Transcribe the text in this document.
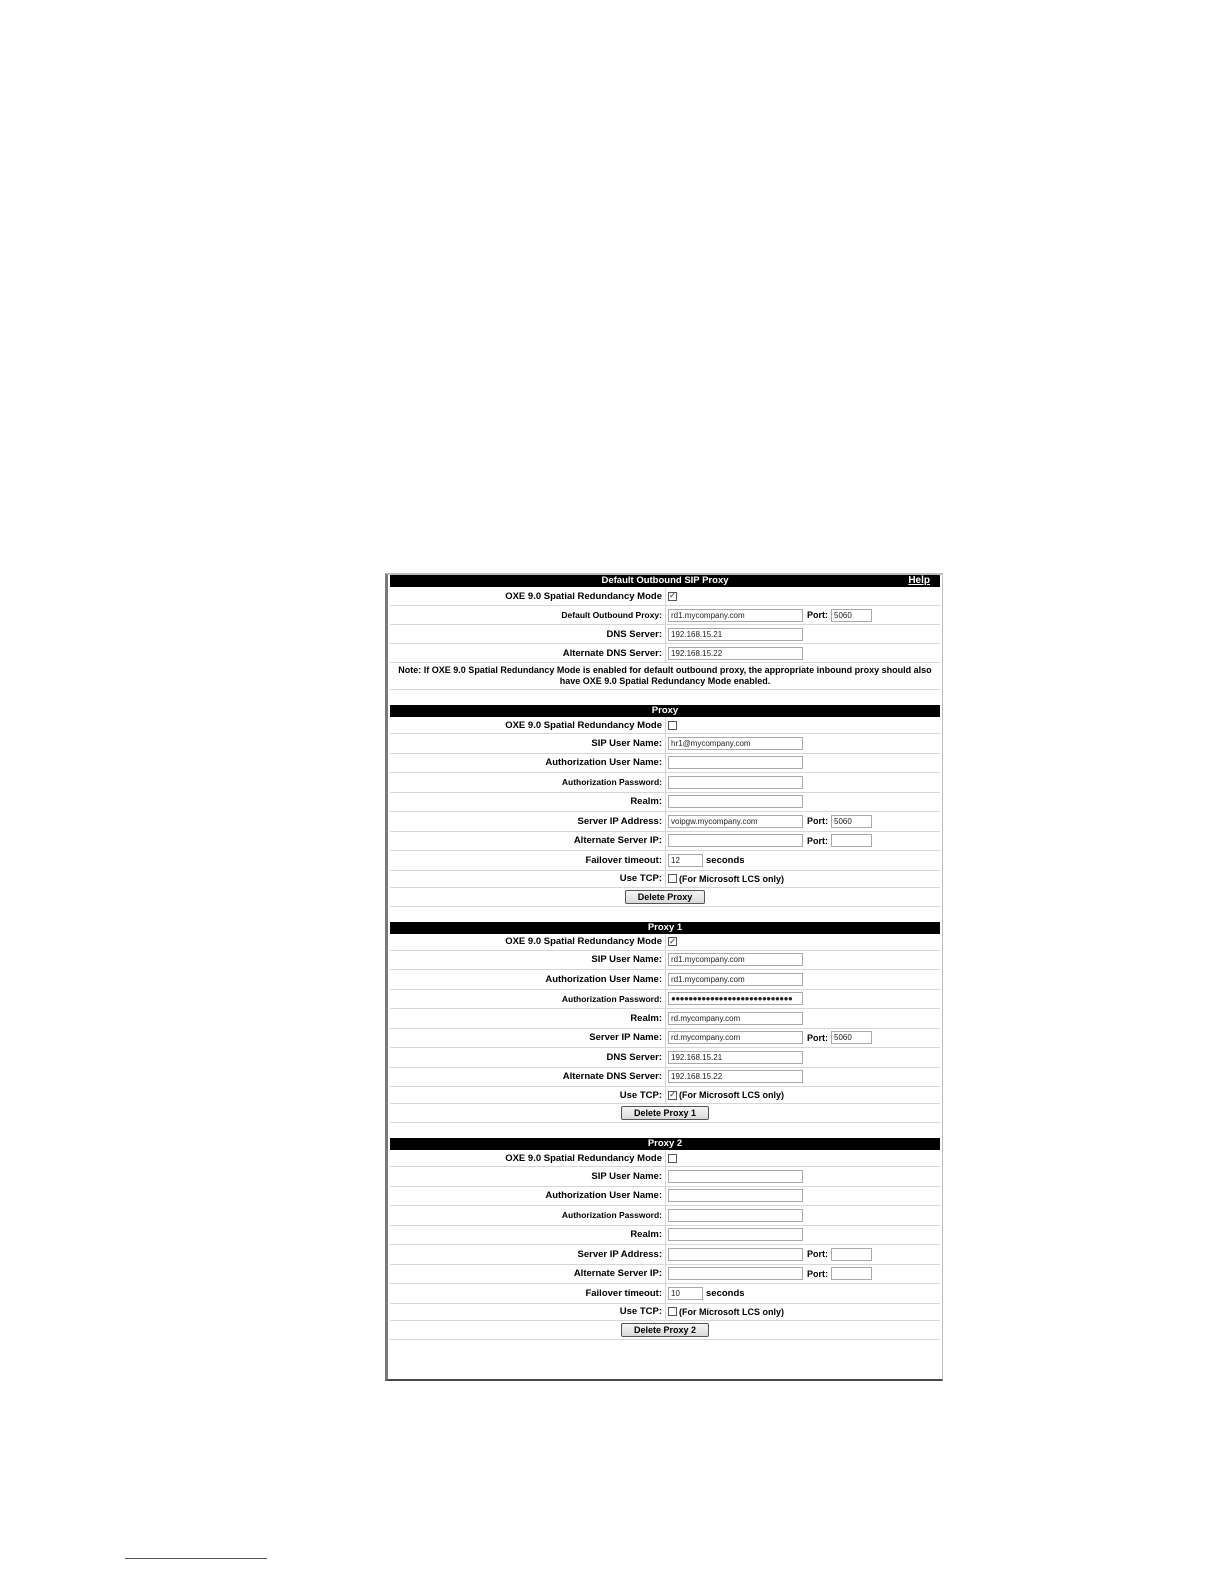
Default Outbound SIP Proxy	Help
OXE 9.0 Spatial Redundancy Mode ✓
Default Outbound Proxy:	rd1.mycompany.com	Port: 5060
DNS Server:	192.168.15.21
Alternate DNS Server:	192.168.15.22
Note: If OXE 9.0 Spatial Redundancy Mode is enabled for default outbound proxy, the appropriate inbound proxy should also have OXE 9.0 Spatial Redundancy Mode enabled.
Proxy
OXE 9.0 Spatial Redundancy Mode
SIP User Name:	hr1@mycompany.com
Authorization User Name:
Authorization Password:
Realm:
Server IP Address:	voipgw.mycompany.com	Port: 5060
Alternate Server IP:	Port:
Failover timeout:	12	seconds
Use TCP:	(For Microsoft LCS only)
Delete Proxy
Proxy 1
OXE 9.0 Spatial Redundancy Mode ✓
SIP User Name:	rd1.mycompany.com
Authorization User Name:	rd1.mycompany.com
Authorization Password:	●●●●●●●●●●●●●●●●●●●●●●●●●●●●
Realm:	rd.mycompany.com
Server IP Name:	rd.mycompany.com	Port: 5060
DNS Server:	192.168.15.21
Alternate DNS Server:	192.168.15.22
Use TCP: ✓ (For Microsoft LCS only)
Delete Proxy 1
Proxy 2
OXE 9.0 Spatial Redundancy Mode
SIP User Name:
Authorization User Name:
Authorization Password:
Realm:
Server IP Address:	Port:
Alternate Server IP:	Port:
Failover timeout:	10	seconds
Use TCP:	(For Microsoft LCS only)
Delete Proxy 2
